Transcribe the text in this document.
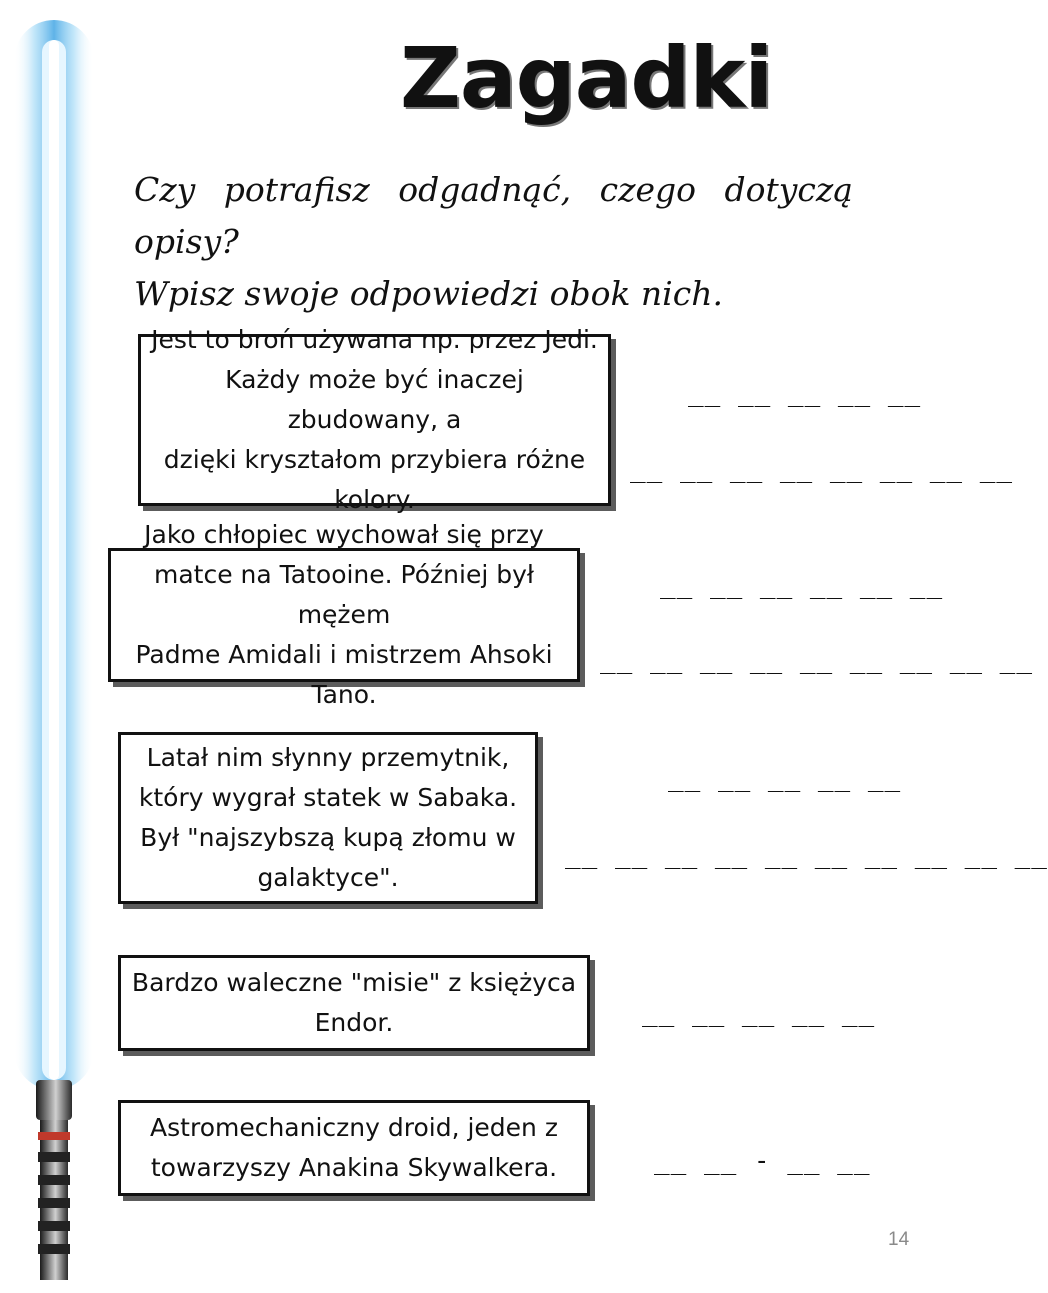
Zagadki
Czy potrafisz odgadnąć, czego dotyczą opisy?
Wpisz swoje odpowiedzi obok nich.
Jest to broń używana np. przez Jedi.
Każdy może być inaczej zbudowany, a
dzięki kryształom przybiera różne
kolory.
__ __ __ __ __
__ __ __ __ __ __ __ __
Jako chłopiec wychował się przy
matce na Tatooine. Później był mężem
Padme Amidali i mistrzem Ahsoki Tano.
__ __ __ __ __ __
__ __ __ __ __ __ __ __ __
Latał nim słynny przemytnik,
który wygrał statek w Sabaka.
Był "najszybszą kupą złomu w
galaktyce".
__ __ __ __ __
__ __ __ __ __ __ __ __ __ __
Bardzo waleczne "misie" z księżyca
Endor.	__ __ __ __ __
Astromechaniczny droid, jeden z
towarzyszy Anakina Skywalkera.	__ __ - __ __
14
